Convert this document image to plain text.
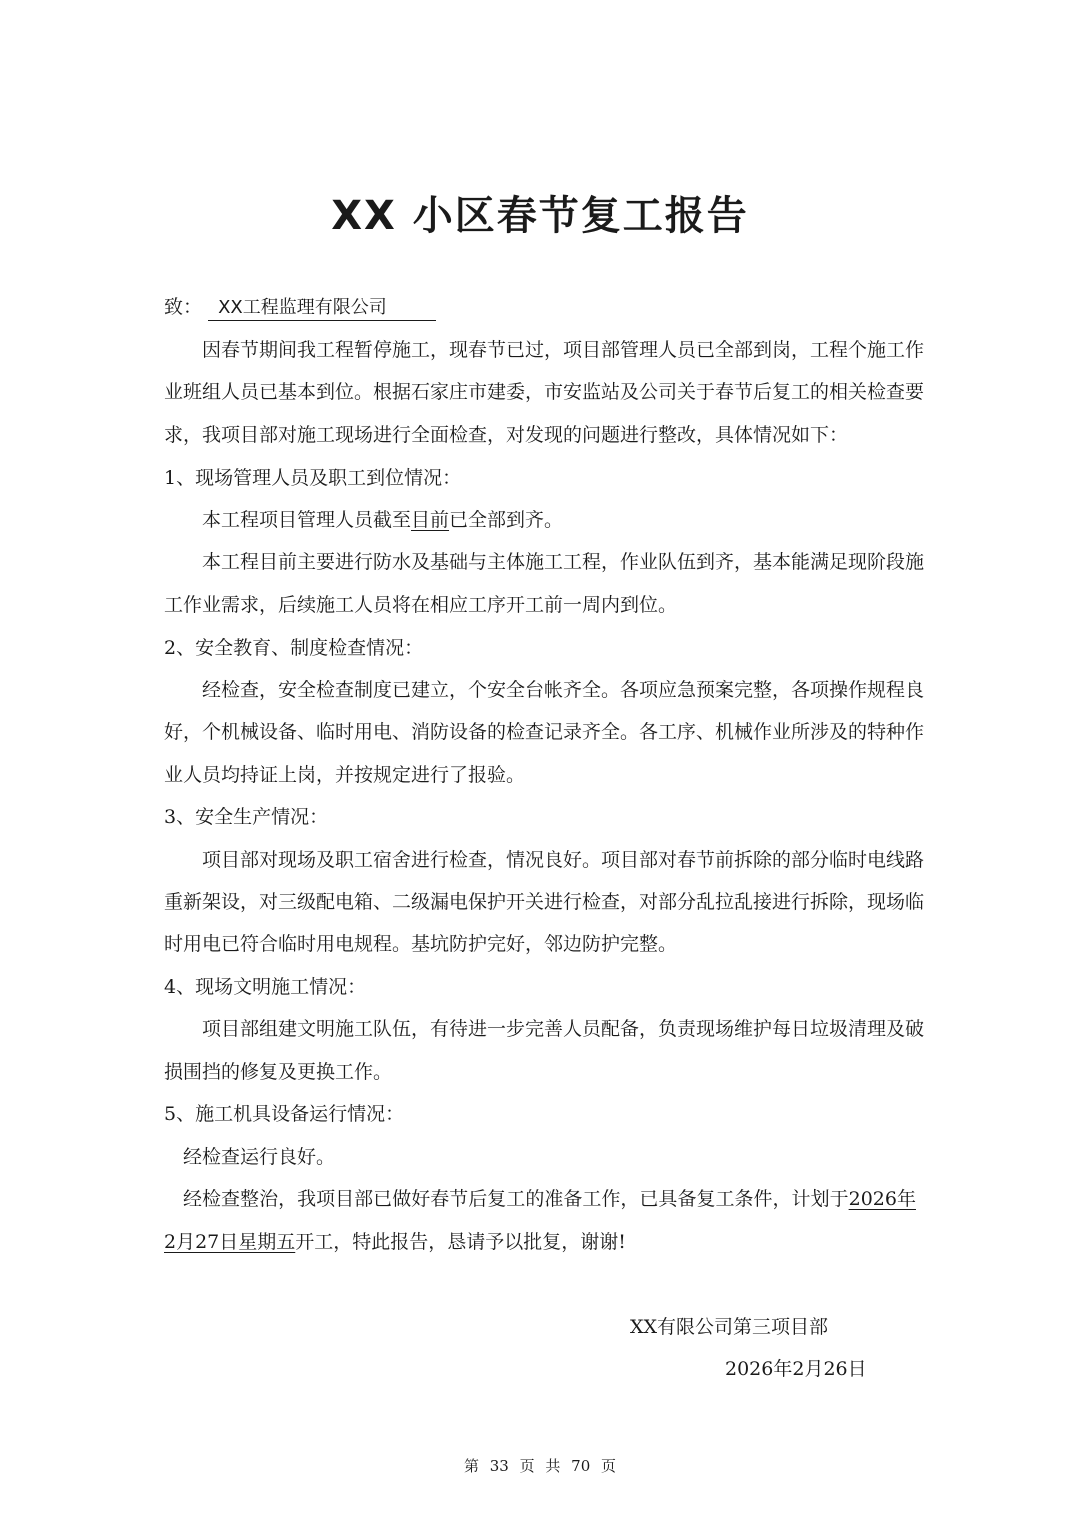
XX 小区春节复工报告
致： XX工程监理有限公司
因春节期间我工程暂停施工，现春节已过，项目部管理人员已全部到岗，工程个施工作
业班组人员已基本到位。根据石家庄市建委，市安监站及公司关于春节后复工的相关检查要
求，我项目部对施工现场进行全面检查，对发现的问题进行整改，具体情况如下：
1、现场管理人员及职工到位情况：
本工程项目管理人员截至目前已全部到齐。
本工程目前主要进行防水及基础与主体施工工程，作业队伍到齐，基本能满足现阶段施
工作业需求，后续施工人员将在相应工序开工前一周内到位。
2、安全教育、制度检查情况：
经检查，安全检查制度已建立，个安全台帐齐全。各项应急预案完整，各项操作规程良
好，个机械设备、临时用电、消防设备的检查记录齐全。各工序、机械作业所涉及的特种作
业人员均持证上岗，并按规定进行了报验。
3、安全生产情况：
项目部对现场及职工宿舍进行检查，情况良好。项目部对春节前拆除的部分临时电线路
重新架设，对三级配电箱、二级漏电保护开关进行检查，对部分乱拉乱接进行拆除，现场临
时用电已符合临时用电规程。基坑防护完好，邻边防护完整。
4、现场文明施工情况：
项目部组建文明施工队伍，有待进一步完善人员配备，负责现场维护每日垃圾清理及破
损围挡的修复及更换工作。
5、施工机具设备运行情况：
经检查运行良好。
经检查整治，我项目部已做好春节后复工的准备工作，已具备复工条件，计划于2026年
2月27日星期五开工，特此报告，恳请予以批复，谢谢!
XX有限公司第三项目部
2026年2月26日
第 33 页 共 70 页
